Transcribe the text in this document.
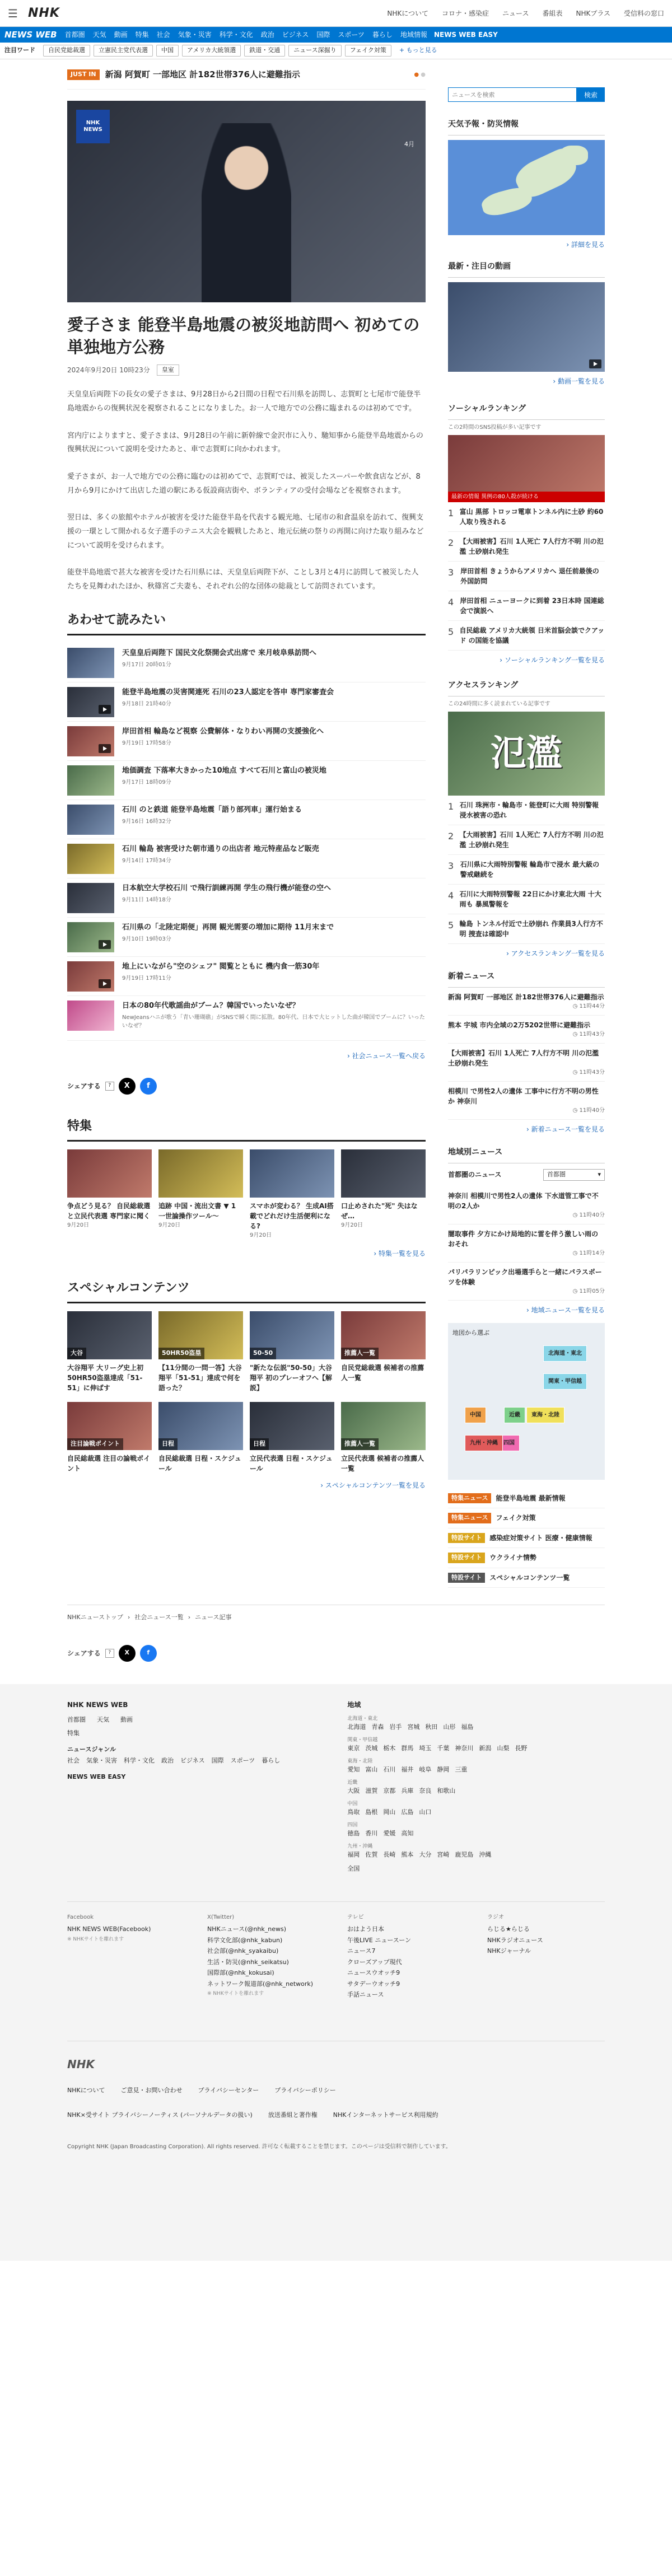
☰ NHK	NHKについて コロナ・感染症 ニュース 番組表 NHKプラス 受信料の窓口
NEWS WEB 首都圏 天気 動画 特集 社会 気象・災害 科学・文化 政治 ビジネス 国際 スポーツ 暮らし 地域情報 NEWS WEB EASY
注目ワード	自民党総裁選	立憲民主党代表選	中国	アメリカ大統領選	鉄道・交通	ニュース深掘り	フェイク対策	+ もっと見る
JUST IN	新潟 阿賀町 一部地区 計182世帯376人に避難指示	● ●
NHK NEWS
4月
愛子さま 能登半島地震の被災地訪問へ 初めての単独地方公務
2024年9月20日 10時23分	皇室

天皇皇后両陛下の長女の愛子さまは、9月28日から2日間の日程で石川県を訪問し、志賀町と七尾市で能登半島地震からの復興状況を視察されることになりました。お一人で地方での公務に臨まれるのは初めてです。

宮内庁によりますと、愛子さまは、9月28日の午前に新幹線で金沢市に入り、馳知事から能登半島地震からの復興状況について説明を受けたあと、車で志賀町に向かわれます。

愛子さまが、お一人で地方での公務に臨むのは初めてで、志賀町では、被災したスーパーや飲食店などが、8月から9月にかけて出店した道の駅にある仮設商店街や、ボランティアの受付会場などを視察されます。

翌日は、多くの旅館やホテルが被害を受けた能登半島を代表する観光地、七尾市の和倉温泉を訪れて、復興支援の一環として開かれる女子選手のテニス大会を観戦したあと、地元伝統の祭りの再開に向けた取り組みなどについて説明を受けられます。

能登半島地震で甚大な被害を受けた石川県には、天皇皇后両陛下が、ことし3月と4月に訪問して被災した人たちを見舞われたほか、秋篠宮ご夫妻も、それぞれ公的な団体の総裁として訪問されています。

あわせて読みたい
天皇皇后両陛下 国民文化祭開会式出席で 来月岐阜県訪問へ
9月17日 20時01分
能登半島地震の災害関連死 石川の23人認定を答申 専門家審査会
9月18日 21時40分
岸田首相 輪島など視察 公費解体・なりわい再開の支援強化へ
9月19日 17時58分
地価調査 下落率大きかった10地点 すべて石川と富山の被災地
9月17日 18時09分
石川 のと鉄道 能登半島地震「語り部列車」運行始まる
9月16日 16時32分
石川 輪島 被害受けた朝市通りの出店者 地元特産品など販売
9月14日 17時34分
日本航空大学校石川 で飛行訓練再開 学生の飛行機が能登の空へ
9月11日 14時18分
石川県の「北陸定期便」再開 観光需要の増加に期待 11月末まで
9月10日 19時03分
地上にいながら"空のシェフ" 閲覧とともに 機内食一筋30年
9月19日 17時11分
日本の80年代歌謡曲がブーム？韓国でいったいなぜ？
NewJeansハニが歌う「青い珊瑚礁」がSNSで瞬く間に拡散。80年代、日本で大ヒットした曲が韓国でブームに？いったいなぜ？
› 社会ニュース一覧へ戻る
シェアする	?	X	f
特集
争点どう見る？ 自民総裁選と立民代表選 専門家に聞く
9月20日
追跡 中国・流出文書 ▼ 1 一世論操作ツール～
9月20日
スマホが変わる？ 生成AI搭載でどれだけ生活便利になる?
9月20日
口止めされた"死" 失はなぜ…
9月20日
› 特集一覧を見る
スペシャルコンテンツ
大谷
大谷翔平 大リーグ史上初 50HR50盗塁達成「51-51」に伸ばす
50HR50盗塁
【11分間の一問一答】大谷翔平「51-51」達成で何を語った？
50-50
"新たな伝説"50-50」大谷翔平 初のプレーオフへ【解説】
推薦人一覧
自民党総裁選 候補者の推薦人一覧
注目論戦ポイント
自民総裁選 注目の論戦ポイント
日程
自民総裁選 日程・スケジュール
日程
立民代表選 日程・スケジュール
推薦人一覧
立民代表選 候補者の推薦人一覧
› スペシャルコンテンツ一覧を見る
ニュースを検索
検索
天気予報・防災情報
› 詳細を見る
最新・注目の動画
› 動画一覧を見る
ソーシャルランキング
この2時間のSNS投稿が多い記事です
最新の情報 異例の80人殺が続ける
1 富山 黒部 トロッコ電車トンネル内に土砂 約60人取り残される
2 【大雨被害】石川 1人死亡 7人行方不明 川の氾濫 土砂崩れ発生
3 岸田首相 きょうからアメリカへ 退任前最後の外国訪問
4 岸田首相 ニューヨークに到着 23日本時 国連総会で演説へ
5 自民総裁 アメリカ大統領 日米首脳会談でクアッド の国能を協議
› ソーシャルランキング一覧を見る
アクセスランキング
この24時間に多く読まれている記事です
氾濫
1 石川 珠洲市・輪島市・能登町に大雨 特別警報 浸水被害の恐れ
2 【大雨被害】石川 1人死亡 7人行方不明 川の氾濫 土砂崩れ発生
3 石川県に大雨特別警報 輪島市で浸水 最大級の警戒継続を
4 石川に大雨特別警報 22日にかけ東北大雨 十大雨も 暴風警報を
5 輪島 トンネル付近で土砂崩れ 作業員3人行方不明 捜査は確認中
› アクセスランキング一覧を見る
新着ニュース
新潟 阿賀町 一部地区 計182世帯376人に避難指示
◷ 11時44分
熊本 宇城 市内全域の2万5202世帯に避難指示
◷ 11時43分
【大雨被害】石川 1人死亡 7人行方不明 川の氾濫 土砂崩れ発生
◷ 11時43分
相模川 で男性2人の遺体 工事中に行方不明の男性か 神奈川
◷ 11時40分
› 新着ニュース一覧を見る
地域別ニュース
首都圏のニュース	首都圏	▾
神奈川 相模川で男性2人の遺体 下水道管工事で不明の2人か
◷ 11時40分
闇取事件 夕方にかけ局地的に雷を伴う激しい雨のおそれ
◷ 11時14分
パリパラリンピック出場選手らと一緒にパラスポーツを体験
◷ 11時05分
› 地域ニュース一覧を見る
地図から選ぶ
北海道・東北
関東・甲信越
東海・北陸
近畿
中国
四国
九州・沖縄
特集ニュース	能登半島地震 最新情報
特集ニュース	フェイク対策
特設サイト	感染症対策サイト 医療・健康情報
特設サイト	ウクライナ情勢
特設サイト	スペシャルコンテンツ一覧
NHKニューストップ › 社会ニュース一覧 › ニュース記事
シェアする	?	X	f
NHK NEWS WEB
首都圏 天気 動画
特集
ニュースジャンル
社会 気象・災害 科学・文化 政治 ビジネス 国際 スポーツ 暮らし
NEWS WEB EASY
地域
北海道・東北
北海道 青森 岩手 宮城 秋田 山形 福島
関東・甲信越
東京 茨城 栃木 群馬 埼玉 千葉 神奈川 新潟 山梨 長野
東海・北陸
愛知 富山 石川 福井 岐阜 静岡 三重
近畿
大阪 滋賀 京都 兵庫 奈良 和歌山
中国
鳥取 島根 岡山 広島 山口
四国
徳島 香川 愛媛 高知
九州・沖縄
福岡 佐賀 長崎 熊本 大分 宮崎 鹿児島 沖縄
全国
Facebook
NHK NEWS WEB(Facebook)
※ NHKサイトを離れます
X(Twitter)
NHKニュース(@nhk_news)
科学文化部(@nhk_kabun)
社会部(@nhk_syakaibu)
生活・防災(@nhk_seikatsu)
国際部(@nhk_kokusai)
ネットワーク報道部(@nhk_network)
※ NHKサイトを離れます
テレビ
おはよう日本
午後LIVE ニュースーン
ニュース7
クローズアップ現代
ニュースウオッチ9
サタデーウオッチ9
手話ニュース
ラジオ
らじる★らじる
NHKラジオニュース
NHKジャーナル
NHK
NHKについて	ご意見・お問い合わせ	プライバシーセンター	プライバシーポリシー
NHK×受サイト プライバシーノーティス (パーソナルデータの扱い)	放送番組と著作権	NHKインターネットサービス利用規約
Copyright NHK (Japan Broadcasting Corporation). All rights reserved. 許可なく転載することを禁じます。このページは受信料で制作しています。
